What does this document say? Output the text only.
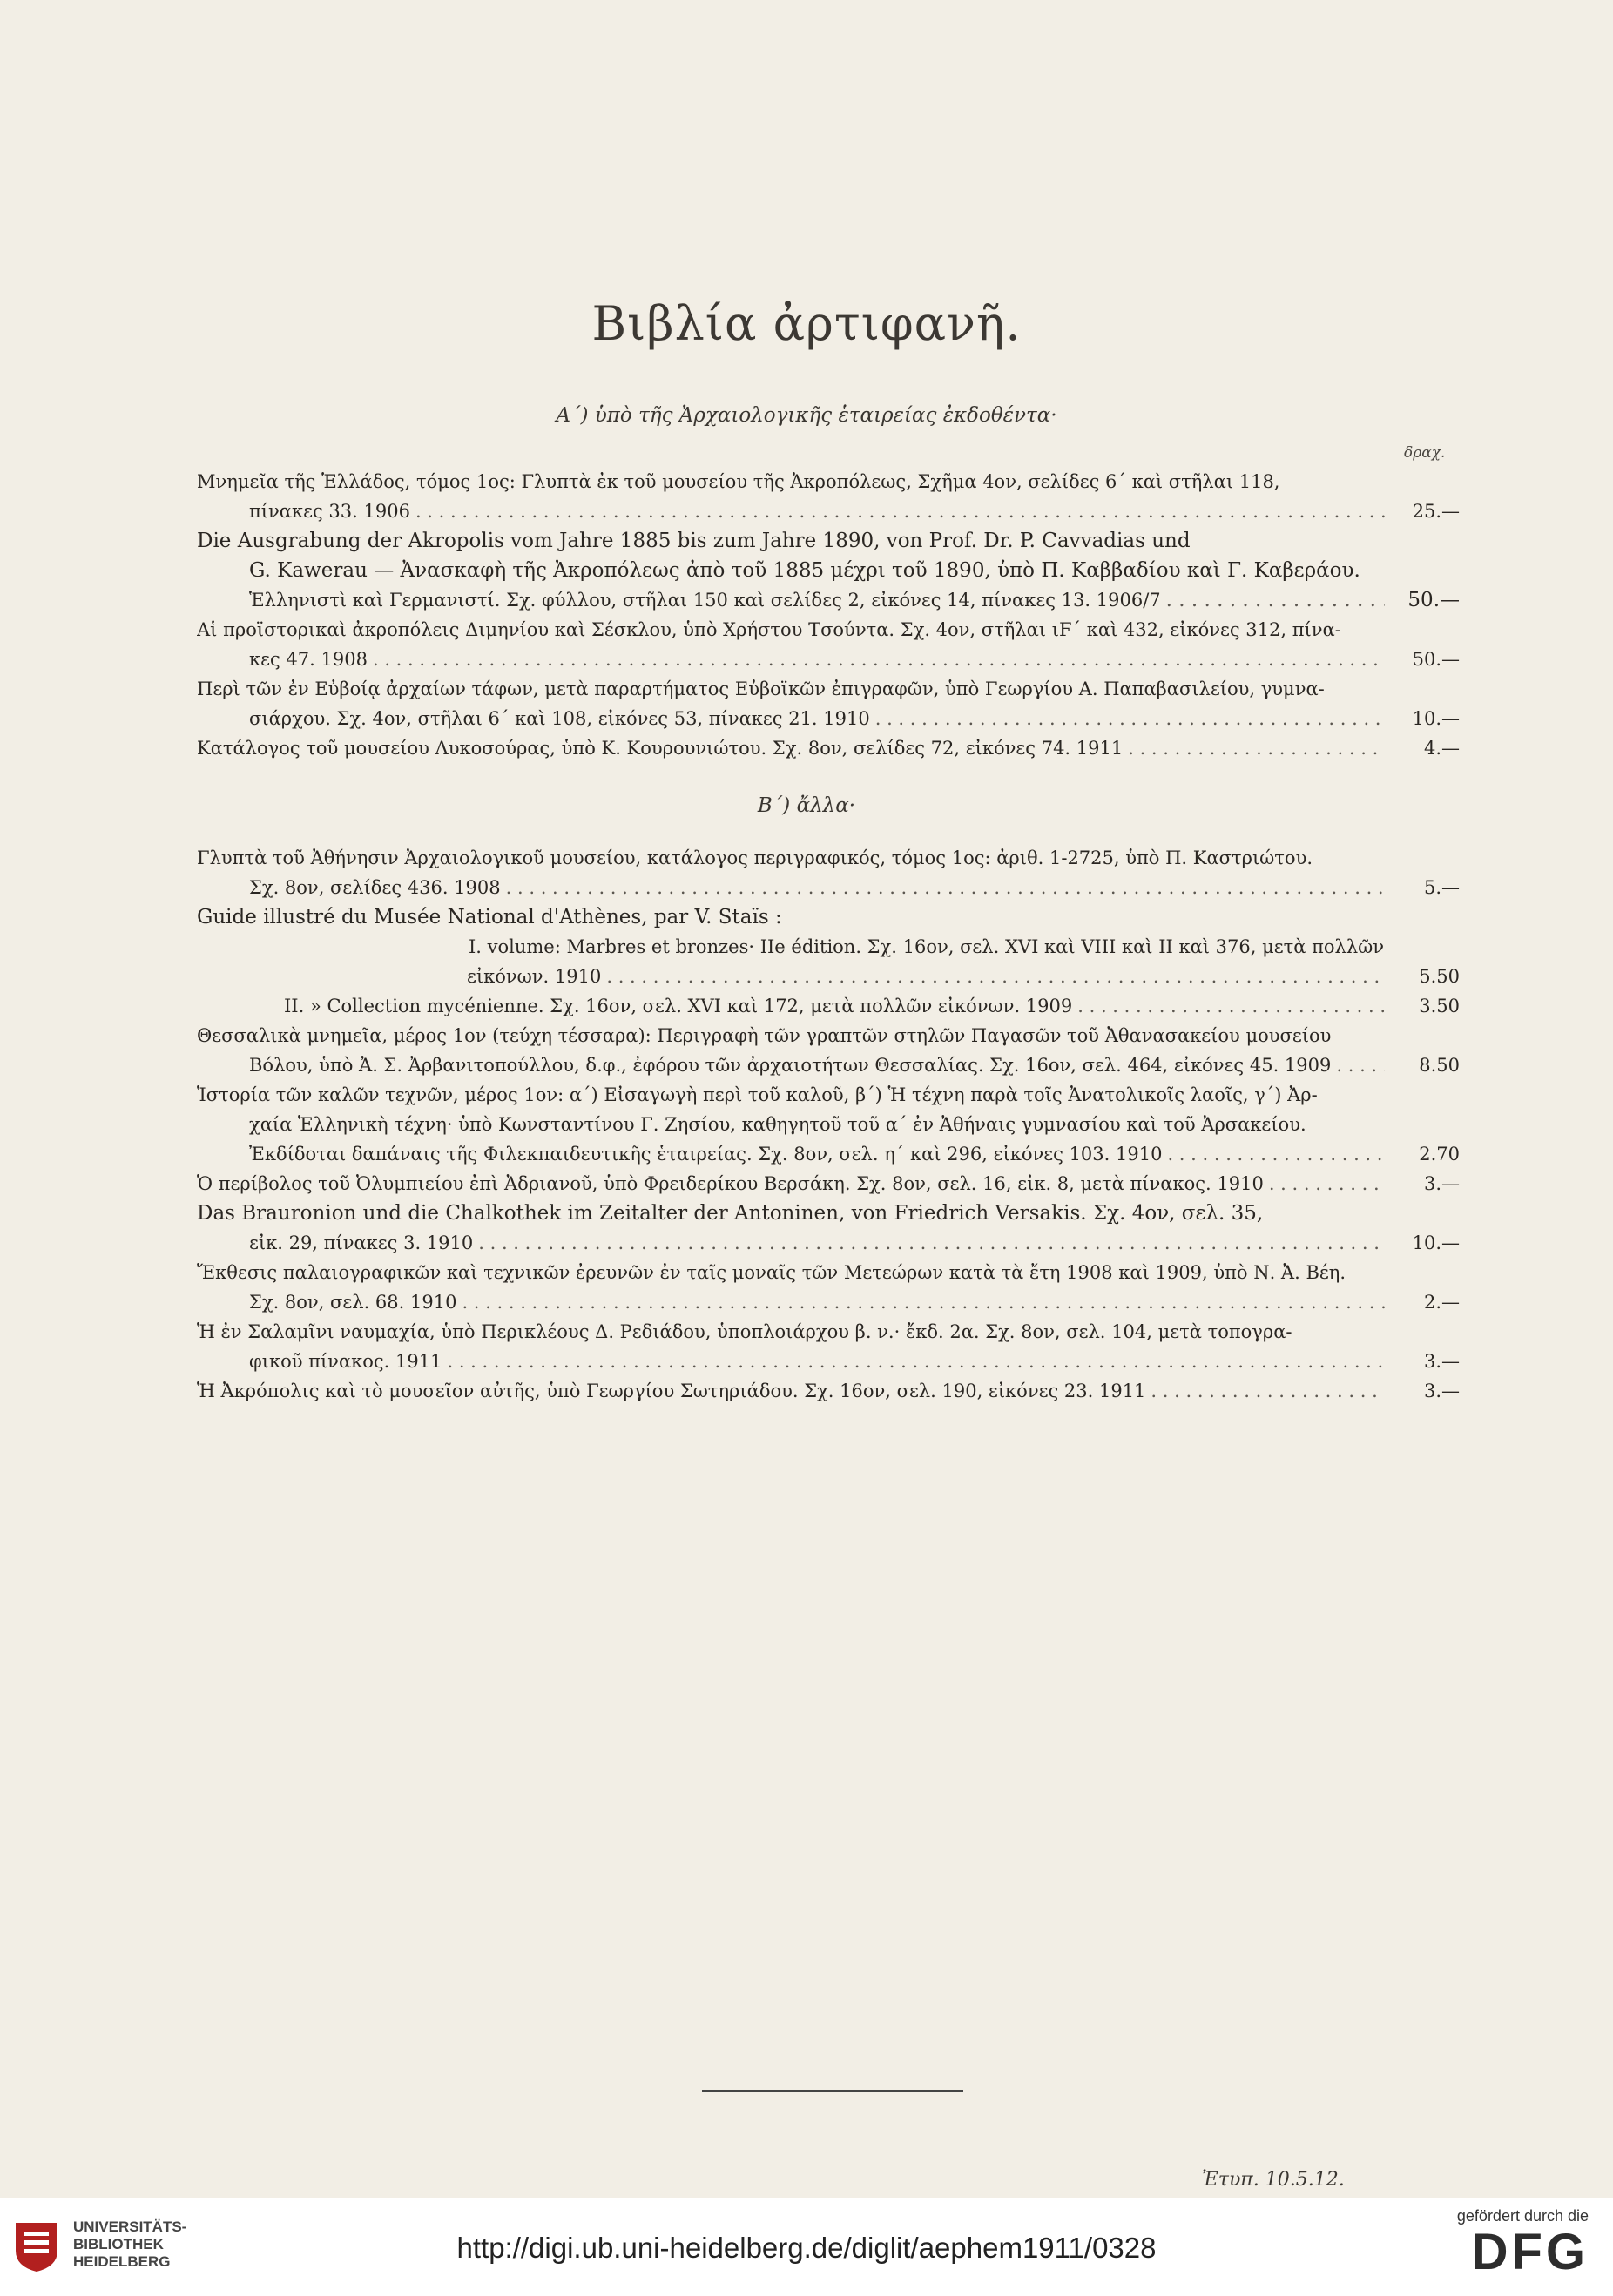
Βιβλία ἀρτιφανῆ.
Α΄) ὑπὸ τῆς Ἀρχαιολογικῆς ἑταιρείας ἐκδοθέντα·
δραχ.
Μνημεῖα τῆς Ἑλλάδος, τόμος 1ος: Γλυπτὰ ἐκ τοῦ μουσείου τῆς Ἀκροπόλεως, Σχῆμα 4ον, σελίδες 6΄ καὶ στῆλαι 118,
πίνακες 33. 1906 . . .	25.—
Die Ausgrabung der Akropolis vom Jahre 1885 bis zum Jahre 1890, von Prof. Dr. P. Cavvadias und
G. Kawerau — Ἀνασκαφὴ τῆς Ἀκροπόλεως ἀπὸ τοῦ 1885 μέχρι τοῦ 1890, ὑπὸ Π. Καββαδίου καὶ Γ. Καβεράου.
Ἑλληνιστὶ καὶ Γερμανιστί. Σχ. φύλλου, στῆλαι 150 καὶ σελίδες 2, εἰκόνες 14, πίνακες 13. 1906/7 . . .	50.—
Αἱ προϊστορικαὶ ἀκροπόλεις Διμηνίου καὶ Σέσκλου, ὑπὸ Χρήστου Τσούντα. Σχ. 4ον, στῆλαι ιϜ΄ καὶ 432, εἰκόνες 312, πίνα-
κες 47. 1908 . . .	50.—
Περὶ τῶν ἐν Εὐβοίᾳ ἀρχαίων τάφων, μετὰ παραρτήματος Εὐβοϊκῶν ἐπιγραφῶν, ὑπὸ Γεωργίου Α. Παπαβασιλείου, γυμνα-
σιάρχου. Σχ. 4ον, στῆλαι 6΄ καὶ 108, εἰκόνες 53, πίνακες 21. 1910 . . .	10.—
Κατάλογος τοῦ μουσείου Λυκοσούρας, ὑπὸ Κ. Κουρουνιώτου. Σχ. 8ον, σελίδες 72, εἰκόνες 74. 1911 . . .	4.—
Β΄) ἄλλα·
Γλυπτὰ τοῦ Ἀθήνησιν Ἀρχαιολογικοῦ μουσείου, κατάλογος περιγραφικός, τόμος 1ος: ἀριθ. 1-2725, ὑπὸ Π. Καστριώτου.
Σχ. 8ον, σελίδες 436. 1908 . . .	5.—
Guide illustré du Musée National d'Athènes, par V. Staïs :
I. volume: Marbres et bronzes· IIe édition. Σχ. 16ον, σελ. XVI καὶ VIII καὶ II καὶ 376, μετὰ πολλῶν
εἰκόνων. 1910 . . .	5.50
II. » Collection mycénienne. Σχ. 16ον, σελ. XVI καὶ 172, μετὰ πολλῶν εἰκόνων. 1909 . . .	3.50
Θεσσαλικὰ μνημεῖα, μέρος 1ον (τεύχη τέσσαρα): Περιγραφὴ τῶν γραπτῶν στηλῶν Παγασῶν τοῦ Ἀθανασακείου μουσείου
Βόλου, ὑπὸ Ἀ. Σ. Ἀρβανιτοπούλλου, δ.φ., ἐφόρου τῶν ἀρχαιοτήτων Θεσσαλίας. Σχ. 16ον, σελ. 464, εἰκόνες 45. 1909 . . .	8.50
Ἱστορία τῶν καλῶν τεχνῶν, μέρος 1ον: α΄) Εἰσαγωγὴ περὶ τοῦ καλοῦ, β΄) Ἡ τέχνη παρὰ τοῖς Ἀνατολικοῖς λαοῖς, γ΄) Ἀρ-
χαία Ἑλληνικὴ τέχνη· ὑπὸ Κωνσταντίνου Γ. Ζησίου, καθηγητοῦ τοῦ α΄ ἐν Ἀθήναις γυμνασίου καὶ τοῦ Ἀρσακείου.
Ἐκδίδοται δαπάναις τῆς Φιλεκπαιδευτικῆς ἑταιρείας. Σχ. 8ον, σελ. η΄ καὶ 296, εἰκόνες 103. 1910 . . .	2.70
Ὁ περίβολος τοῦ Ὀλυμπιείου ἐπὶ Ἀδριανοῦ, ὑπὸ Φρειδερίκου Βερσάκη. Σχ. 8ον, σελ. 16, εἰκ. 8, μετὰ πίνακος. 1910 . . .	3.—
Das Brauronion und die Chalkothek im Zeitalter der Antoninen, von Friedrich Versakis. Σχ. 4ον, σελ. 35,
εἰκ. 29, πίνακες 3. 1910 . . .	10.—
Ἔκθεσις παλαιογραφικῶν καὶ τεχνικῶν ἐρευνῶν ἐν ταῖς μοναῖς τῶν Μετεώρων κατὰ τὰ ἔτη 1908 καὶ 1909, ὑπὸ Ν. Ἀ. Βέη.
Σχ. 8ον, σελ. 68. 1910 . . .	2.—
Ἡ ἐν Σαλαμῖνι ναυμαχία, ὑπὸ Περικλέους Δ. Ρεδιάδου, ὑποπλοιάρχου β. ν.· ἔκδ. 2α. Σχ. 8ον, σελ. 104, μετὰ τοπογρα-
φικοῦ πίνακος. 1911 . . .	3.—
Ἡ Ἀκρόπολις καὶ τὸ μουσεῖον αὐτῆς, ὑπὸ Γεωργίου Σωτηριάδου. Σχ. 16ον, σελ. 190, εἰκόνες 23. 1911 . . .	3.—
Ἐτυπ. 10.5.12.
UNIVERSITÄTS-
BIBLIOTHEK
HEIDELBERG	http://digi.ub.uni-heidelberg.de/diglit/aephem1911/0328
gefördert durch die
DFG
